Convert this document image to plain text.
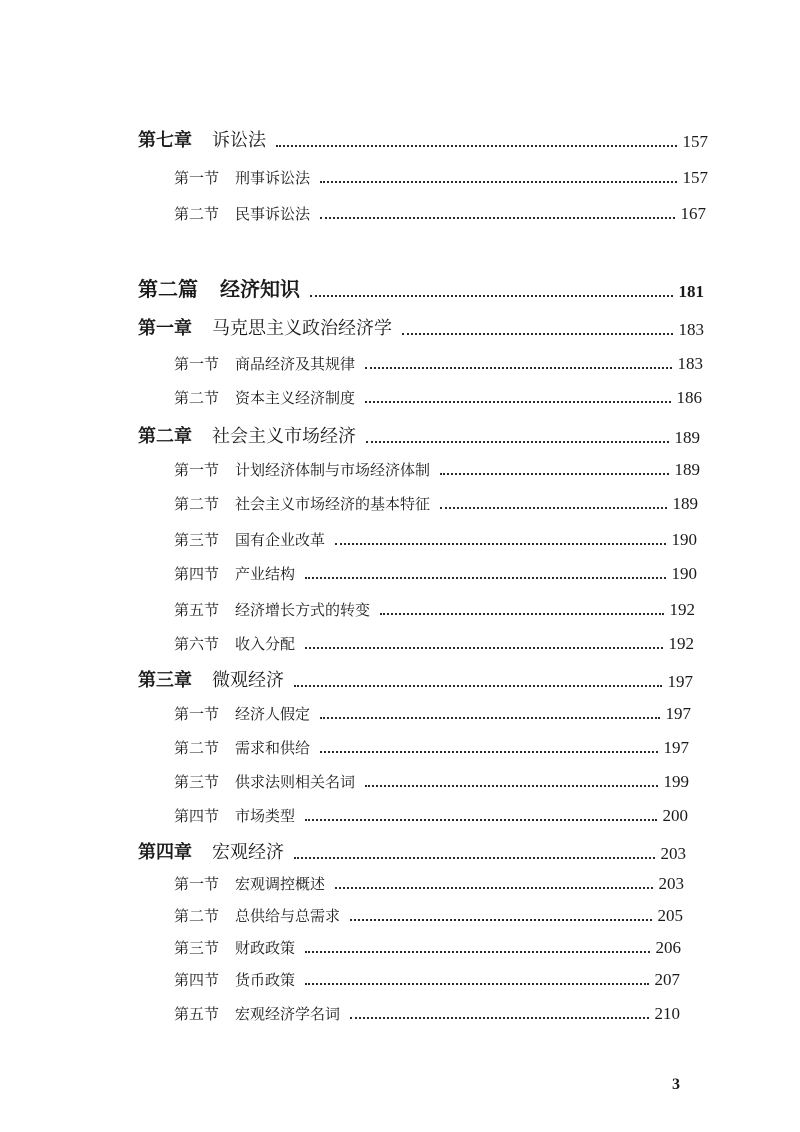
第七章 诉讼法	157
第一节 刑事诉讼法	157
第二节 民事诉讼法	167
第二篇 经济知识	181
第一章 马克思主义政治经济学	183
第一节 商品经济及其规律	183
第二节 资本主义经济制度	186
第二章 社会主义市场经济	189
第一节 计划经济体制与市场经济体制	189
第二节 社会主义市场经济的基本特征	189
第三节 国有企业改革	190
第四节 产业结构	190
第五节 经济增长方式的转变	192
第六节 收入分配	192
第三章 微观经济	197
第一节 经济人假定	197
第二节 需求和供给	197
第三节 供求法则相关名词	199
第四节 市场类型	200
第四章 宏观经济	203
第一节 宏观调控概述	203
第二节 总供给与总需求	205
第三节 财政政策	206
第四节 货币政策	207
第五节 宏观经济学名词	210
3
